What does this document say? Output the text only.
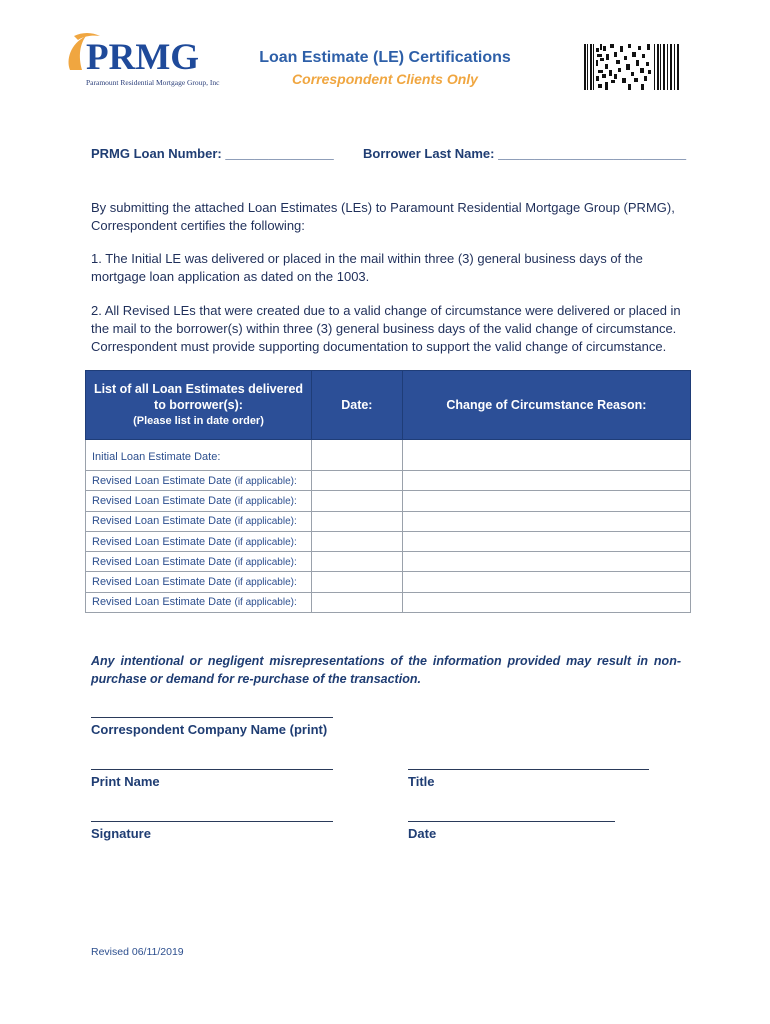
PRMG
Paramount Residential Mortgage Group, Inc
Loan Estimate (LE) Certifications
Correspondent Clients Only
PRMG Loan Number: _______________ Borrower Last Name: __________________________

By submitting the attached Loan Estimates (LEs) to Paramount Residential Mortgage Group (PRMG), Correspondent certifies the following:

1. The Initial LE was delivered or placed in the mail within three (3) general business days of the mortgage loan application as dated on the 1003.

2. All Revised LEs that were created due to a valid change of circumstance were delivered or placed in the mail to the borrower(s) within three (3) general business days of the valid change of circumstance. Correspondent must provide supporting documentation to support the valid change of circumstance.

List of all Loan Estimates delivered to borrower(s):
(Please list in date order)	Date:	Change of Circumstance Reason:
Initial Loan Estimate Date:		
Revised Loan Estimate Date (if applicable):		
Revised Loan Estimate Date (if applicable):		
Revised Loan Estimate Date (if applicable):		
Revised Loan Estimate Date (if applicable):		
Revised Loan Estimate Date (if applicable):		
Revised Loan Estimate Date (if applicable):		
Revised Loan Estimate Date (if applicable):		

Any intentional or negligent misrepresentations of the information provided may result in non-purchase or demand for re-purchase of the transaction.

Correspondent Company Name (print)
Print Name	Title
Signature	Date
Revised 06/11/2019
